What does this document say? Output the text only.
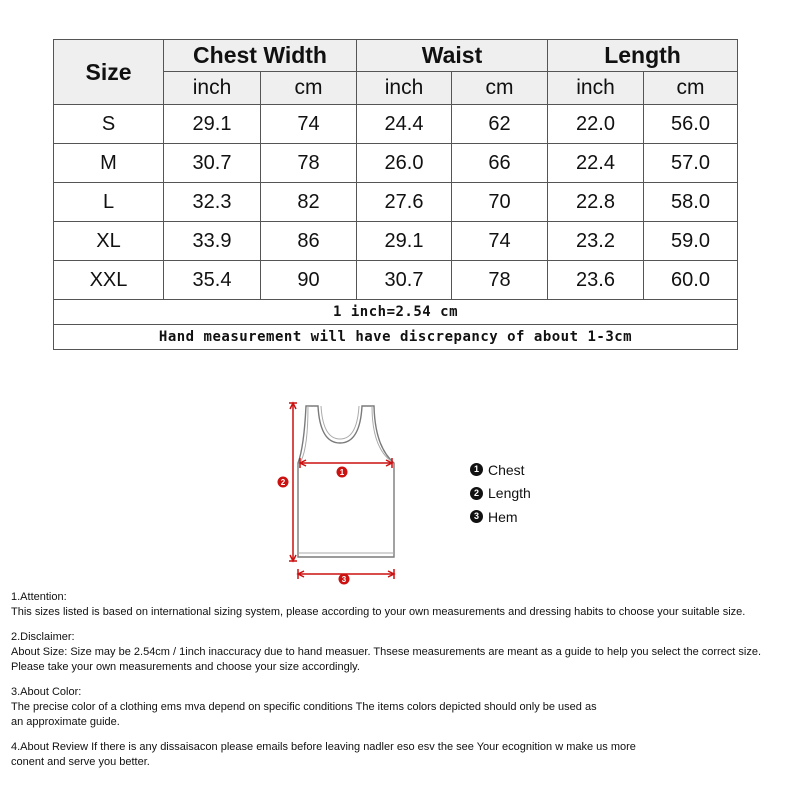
Size	Chest Width		Waist		Length	
	inch	cm	inch	cm	inch	cm
S	29.1	74	24.4	62	22.0	56.0
M	30.7	78	26.0	66	22.4	57.0
L	32.3	82	27.6	70	22.8	58.0
XL	33.9	86	29.1	74	23.2	59.0
XXL	35.4	90	30.7	78	23.6	60.0
1 inch=2.54 cm						
Hand measurement will have discrepancy of about 1-3cm						
1
2
3
1 Chest
2 Length
3 Hem
1.Attention:
This sizes listed is based on international sizing system, please according to your own measurements and dressing habits to choose your suitable size.
2.Disclaimer:
About Size: Size may be 2.54cm / 1inch inaccuracy due to hand measuer. Thsese measurements are meant as a guide to help you select the correct size.
Please take your own measurements and choose your size accordingly.
3.About Color:
The precise color of a clothing ems mva depend on specific conditions The items colors depicted should only be used as
an approximate guide.
4.About Review If there is any dissaisacon please emails before leaving nadler eso esv the see Your ecognition w make us more
conent and serve you better.
